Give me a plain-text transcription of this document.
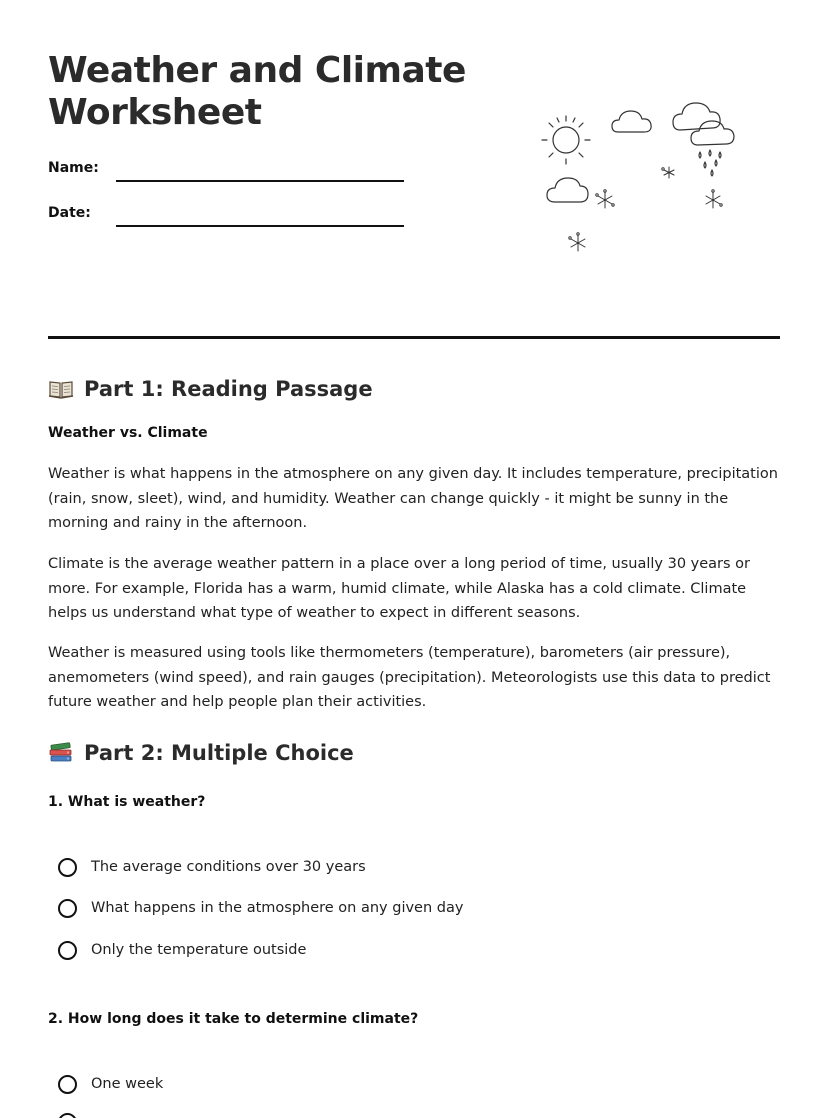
Weather and Climate Worksheet
Name:
Date:
Part 1: Reading Passage
Weather vs. Climate

Weather is what happens in the atmosphere on any given day. It includes temperature, precipitation (rain, snow, sleet), wind, and humidity. Weather can change quickly - it might be sunny in the morning and rainy in the afternoon.

Climate is the average weather pattern in a place over a long period of time, usually 30 years or more. For example, Florida has a warm, humid climate, while Alaska has a cold climate. Climate helps us understand what type of weather to expect in different seasons.

Weather is measured using tools like thermometers (temperature), barometers (air pressure), anemometers (wind speed), and rain gauges (precipitation). Meteorologists use this data to predict future weather and help people plan their activities.

Part 2: Multiple Choice
1. What is weather?
The average conditions over 30 years
What happens in the atmosphere on any given day
Only the temperature outside
2. How long does it take to determine climate?
One week
